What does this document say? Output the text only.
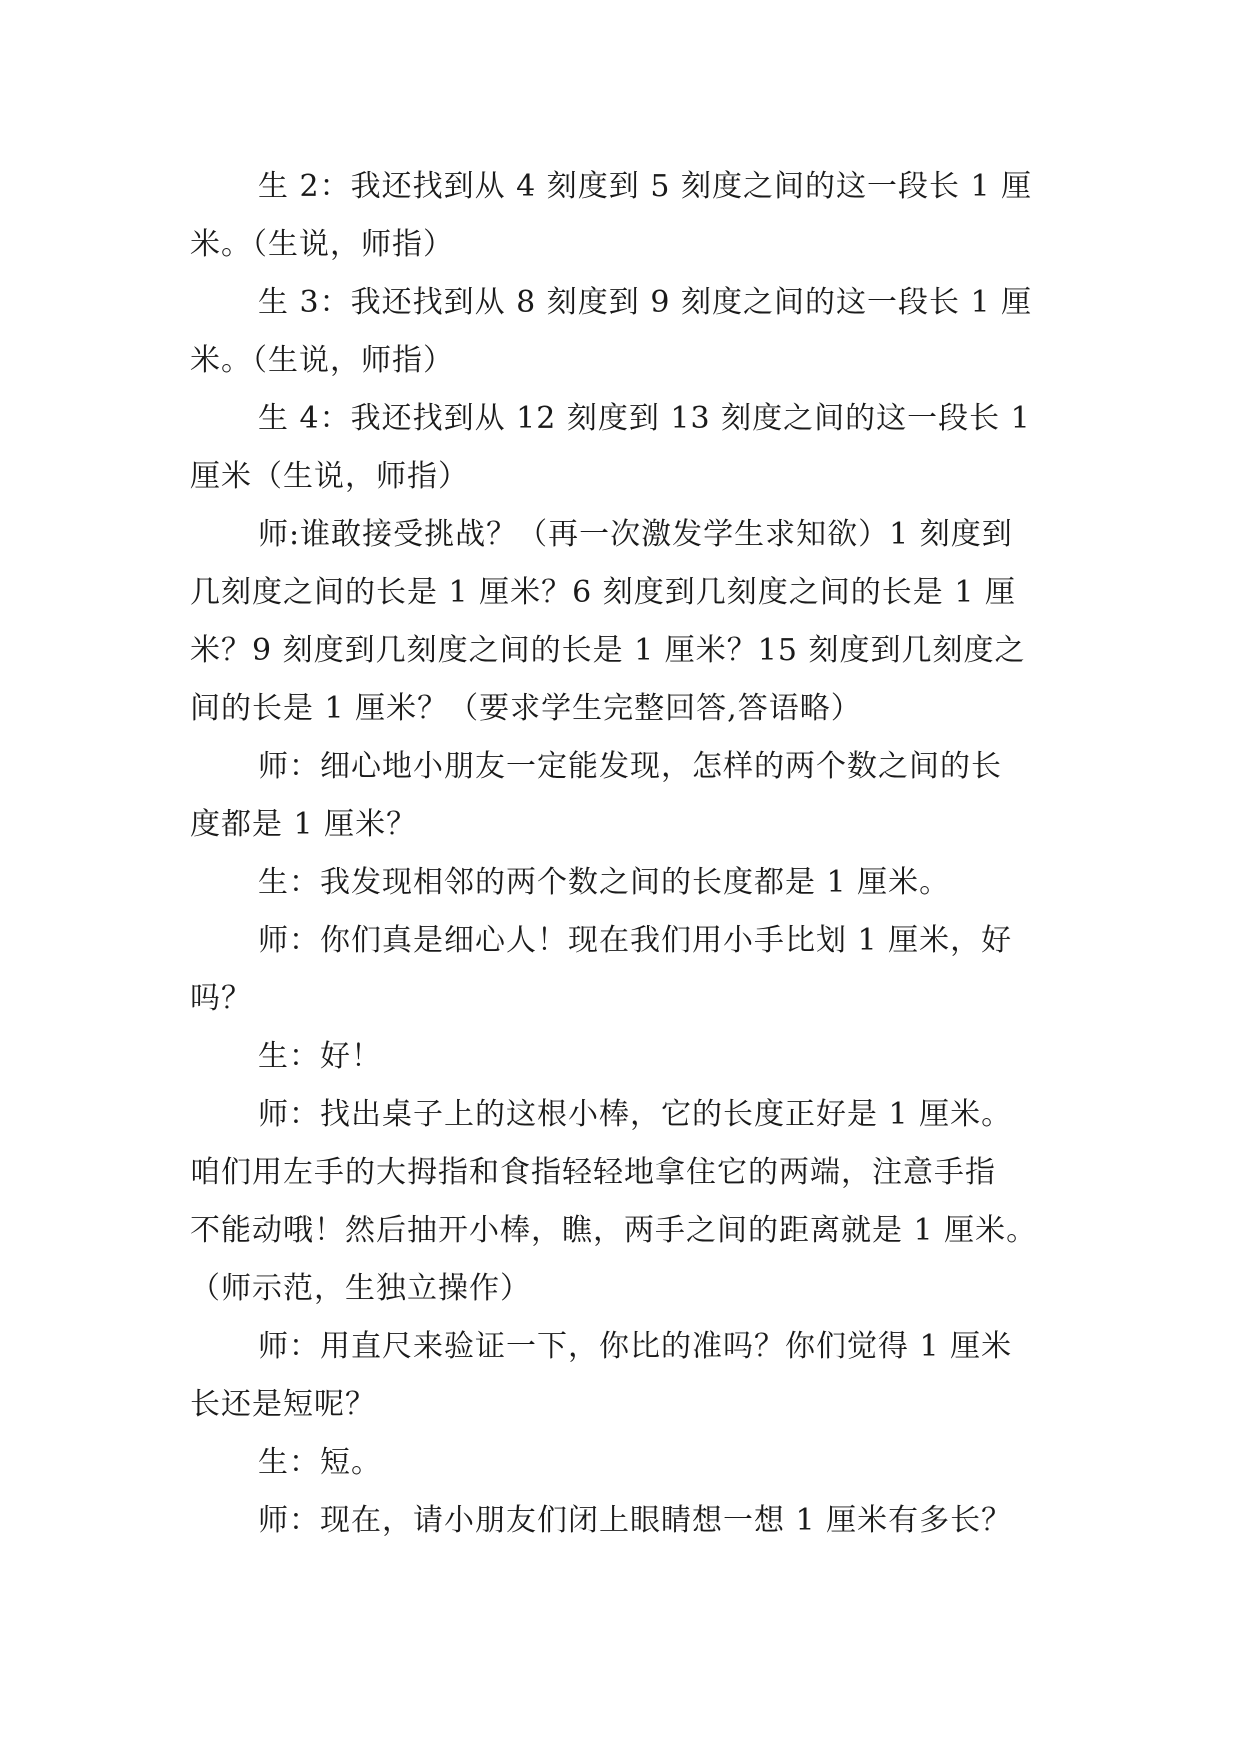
生 2：我还找到从 4 刻度到 5 刻度之间的这一段长 1 厘
米。（生说，师指）
生 3：我还找到从 8 刻度到 9 刻度之间的这一段长 1 厘
米。（生说，师指）
生 4：我还找到从 12 刻度到 13 刻度之间的这一段长 1
厘米（生说，师指）
师:谁敢接受挑战？（再一次激发学生求知欲）1 刻度到
几刻度之间的长是 1 厘米？6 刻度到几刻度之间的长是 1 厘
米？9 刻度到几刻度之间的长是 1 厘米？15 刻度到几刻度之
间的长是 1 厘米？（要求学生完整回答,答语略）
师：细心地小朋友一定能发现，怎样的两个数之间的长
度都是 1 厘米？
生：我发现相邻的两个数之间的长度都是 1 厘米。
师：你们真是细心人！现在我们用小手比划 1 厘米，好
吗？
生：好！
师：找出桌子上的这根小棒，它的长度正好是 1 厘米。
咱们用左手的大拇指和食指轻轻地拿住它的两端，注意手指
不能动哦！然后抽开小棒，瞧，两手之间的距离就是 1 厘米。
（师示范，生独立操作）
师：用直尺来验证一下，你比的准吗？你们觉得 1 厘米
长还是短呢？
生：短。
师：现在，请小朋友们闭上眼睛想一想 1 厘米有多长？
